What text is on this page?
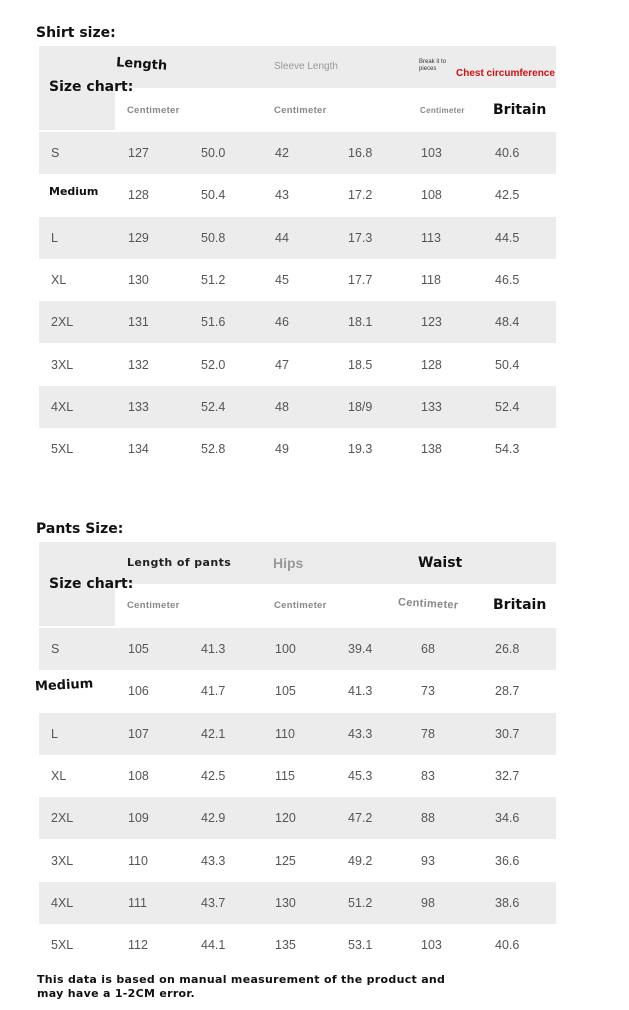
Shirt size:
Size chart:
Length	Sleeve Length	Break it to pieces	Chest circumference
Centimeter	Centimeter	Centimeter Britain
S	127	50.0	42	16.8	103	40.6
Medium 128	50.4	43	17.2	108	42.5
L	129	50.8	44	17.3	113	44.5
XL	130	51.2	45	17.7	118	46.5
2XL	131	51.6	46	18.1	123	48.4
3XL	132	52.0	47	18.5	128	50.4
4XL	133	52.4	48	18/9	133	52.4
5XL	134	52.8	49	19.3	138	54.3
Pants Size:
Size chart:
Length of pants	Hips	Waist
Centimeter	Centimeter	Centimeter Britain
S	105	41.3	100	39.4	68	26.8
Medium	106	41.7	105	41.3	73	28.7
L	107	42.1	110	43.3	78	30.7
XL	108	42.5	115	45.3	83	32.7
2XL	109	42.9	120	47.2	88	34.6
3XL	110	43.3	125	49.2	93	36.6
4XL	111	43.7	130	51.2	98	38.6
5XL	112	44.1	135	53.1	103	40.6
This data is based on manual measurement of the product and may have a 1-2CM error.
